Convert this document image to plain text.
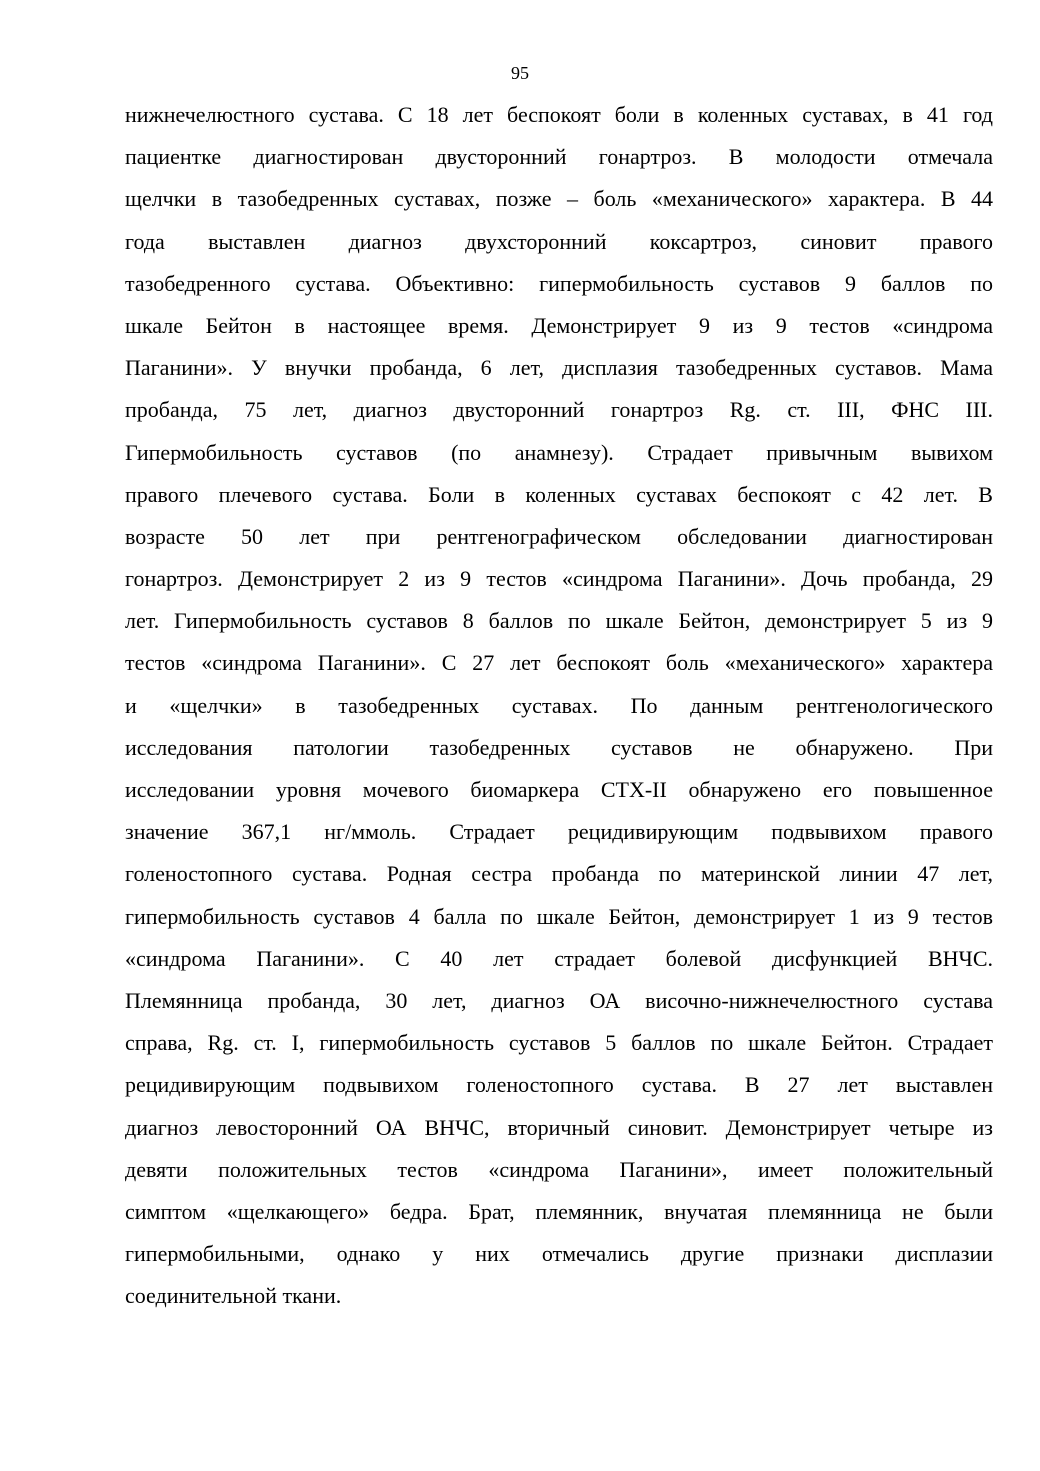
95
нижнечелюстного сустава. С 18 лет беспокоят боли в коленных суставах, в 41 год
пациентке диагностирован двусторонний гонартроз. В молодости отмечала
щелчки в тазобедренных суставах, позже – боль «механического» характера. В 44
года выставлен диагноз двухсторонний коксартроз, синовит правого
тазобедренного сустава. Объективно: гипермобильность суставов 9 баллов по
шкале Бейтон в настоящее время. Демонстрирует 9 из 9 тестов «синдрома
Паганини». У внучки пробанда, 6 лет, дисплазия тазобедренных суставов. Мама
пробанда, 75 лет, диагноз двусторонний гонартроз Rg. ст. III, ФНС III.
Гипермобильность суставов (по анамнезу). Страдает привычным вывихом
правого плечевого сустава. Боли в коленных суставах беспокоят с 42 лет. В
возрасте 50 лет при рентгенографическом обследовании диагностирован
гонартроз. Демонстрирует 2 из 9 тестов «синдрома Паганини». Дочь пробанда, 29
лет. Гипермобильность суставов 8 баллов по шкале Бейтон, демонстрирует 5 из 9
тестов «синдрома Паганини». С 27 лет беспокоят боль «механического» характера
и «щелчки» в тазобедренных суставах. По данным рентгенологического
исследования патологии тазобедренных суставов не обнаружено. При
исследовании уровня мочевого биомаркера CTX-II обнаружено его повышенное
значение 367,1 нг/ммоль. Страдает рецидивирующим подвывихом правого
голеностопного сустава. Родная сестра пробанда по материнской линии 47 лет,
гипермобильность суставов 4 балла по шкале Бейтон, демонстрирует 1 из 9 тестов
«синдрома Паганини». С 40 лет страдает болевой дисфункцией ВНЧС.
Племянница пробанда, 30 лет, диагноз ОА височно-нижнечелюстного сустава
справа, Rg. ст. I, гипермобильность суставов 5 баллов по шкале Бейтон. Страдает
рецидивирующим подвывихом голеностопного сустава. В 27 лет выставлен
диагноз левосторонний ОА ВНЧС, вторичный синовит. Демонстрирует четыре из
девяти положительных тестов «синдрома Паганини», имеет положительный
симптом «щелкающего» бедра. Брат, племянник, внучатая племянница не были
гипермобильными, однако у них отмечались другие признаки дисплазии
соединительной ткани.
